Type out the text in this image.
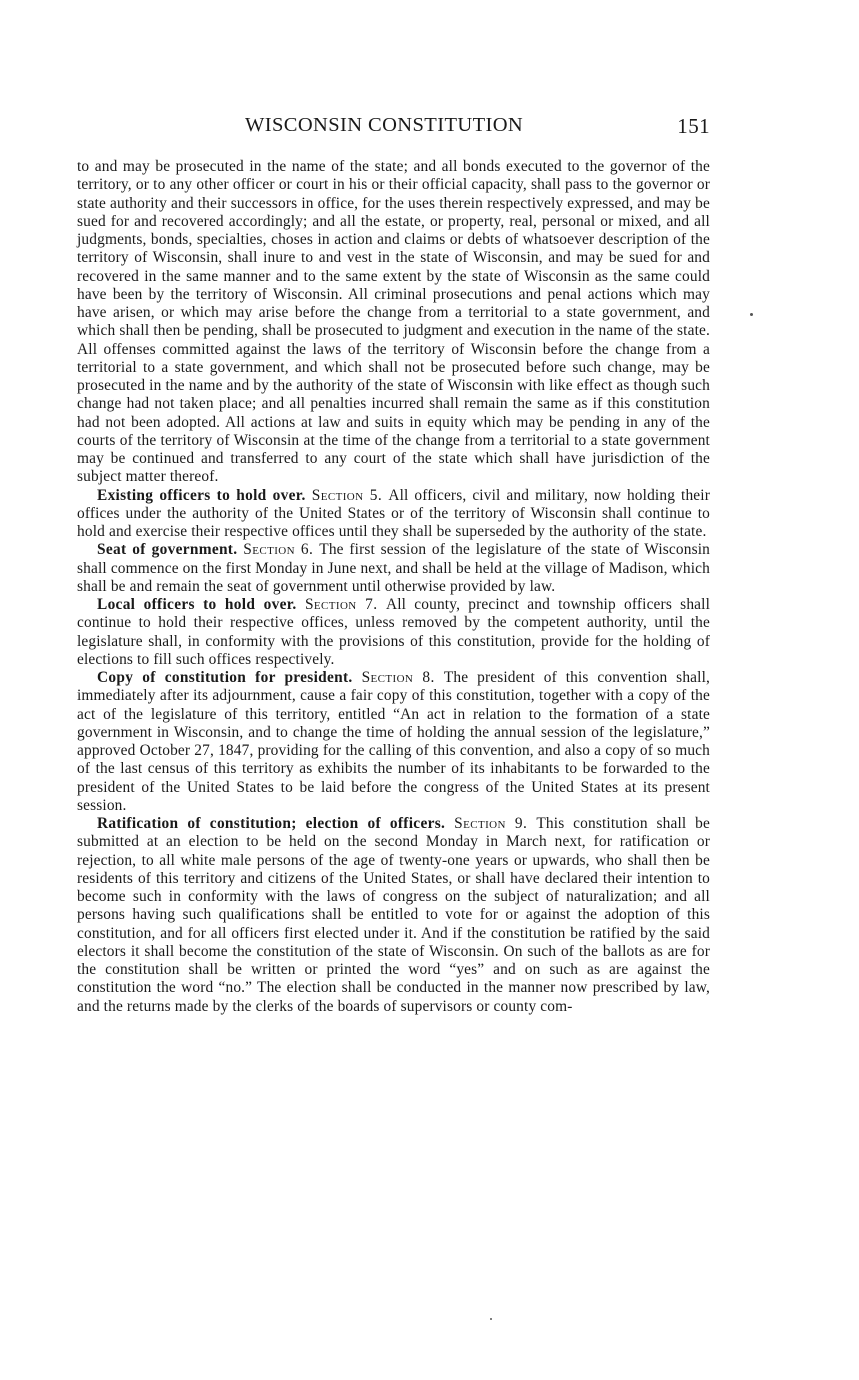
WISCONSIN CONSTITUTION	151

to and may be prosecuted in the name of the state; and all bonds executed to the governor of the territory, or to any other officer or court in his or their official capacity, shall pass to the governor or state authority and their successors in office, for the uses therein respectively expressed, and may be sued for and recovered accordingly; and all the estate, or property, real, personal or mixed, and all judgments, bonds, specialties, choses in action and claims or debts of whatsoever description of the territory of Wisconsin, shall inure to and vest in the state of Wisconsin, and may be sued for and recovered in the same manner and to the same extent by the state of Wisconsin as the same could have been by the territory of Wisconsin. All criminal prosecutions and penal actions which may have arisen, or which may arise before the change from a territorial to a state government, and which shall then be pending, shall be prosecuted to judgment and execution in the name of the state. All offenses committed against the laws of the territory of Wisconsin before the change from a territorial to a state government, and which shall not be prosecuted before such change, may be prosecuted in the name and by the authority of the state of Wisconsin with like effect as though such change had not taken place; and all penalties incurred shall remain the same as if this constitution had not been adopted. All actions at law and suits in equity which may be pending in any of the courts of the territory of Wisconsin at the time of the change from a territorial to a state government may be continued and transferred to any court of the state which shall have jurisdiction of the subject matter thereof.

Existing officers to hold over. Section 5. All officers, civil and military, now holding their offices under the authority of the United States or of the territory of Wisconsin shall continue to hold and exercise their respective offices until they shall be superseded by the authority of the state.

Seat of government. Section 6. The first session of the legislature of the state of Wisconsin shall commence on the first Monday in June next, and shall be held at the village of Madison, which shall be and remain the seat of government until otherwise provided by law.

Local officers to hold over. Section 7. All county, precinct and township officers shall continue to hold their respective offices, unless removed by the competent authority, until the legislature shall, in conformity with the provisions of this constitution, provide for the holding of elections to fill such offices respectively.

Copy of constitution for president. Section 8. The president of this convention shall, immediately after its adjournment, cause a fair copy of this constitution, together with a copy of the act of the legislature of this territory, entitled “An act in relation to the formation of a state government in Wisconsin, and to change the time of holding the annual session of the legislature,” approved October 27, 1847, providing for the calling of this convention, and also a copy of so much of the last census of this territory as exhibits the number of its inhabitants to be forwarded to the president of the United States to be laid before the congress of the United States at its present session.

Ratification of constitution; election of officers. Section 9. This constitution shall be submitted at an election to be held on the second Monday in March next, for ratification or rejection, to all white male persons of the age of twenty-one years or upwards, who shall then be residents of this territory and citizens of the United States, or shall have declared their intention to become such in conformity with the laws of congress on the subject of naturalization; and all persons having such qualifications shall be entitled to vote for or against the adoption of this constitution, and for all officers first elected under it. And if the constitution be ratified by the said electors it shall become the constitution of the state of Wisconsin. On such of the ballots as are for the constitution shall be written or printed the word “yes” and on such as are against the constitution the word “no.” The election shall be conducted in the manner now prescribed by law, and the returns made by the clerks of the boards of supervisors or county com-
